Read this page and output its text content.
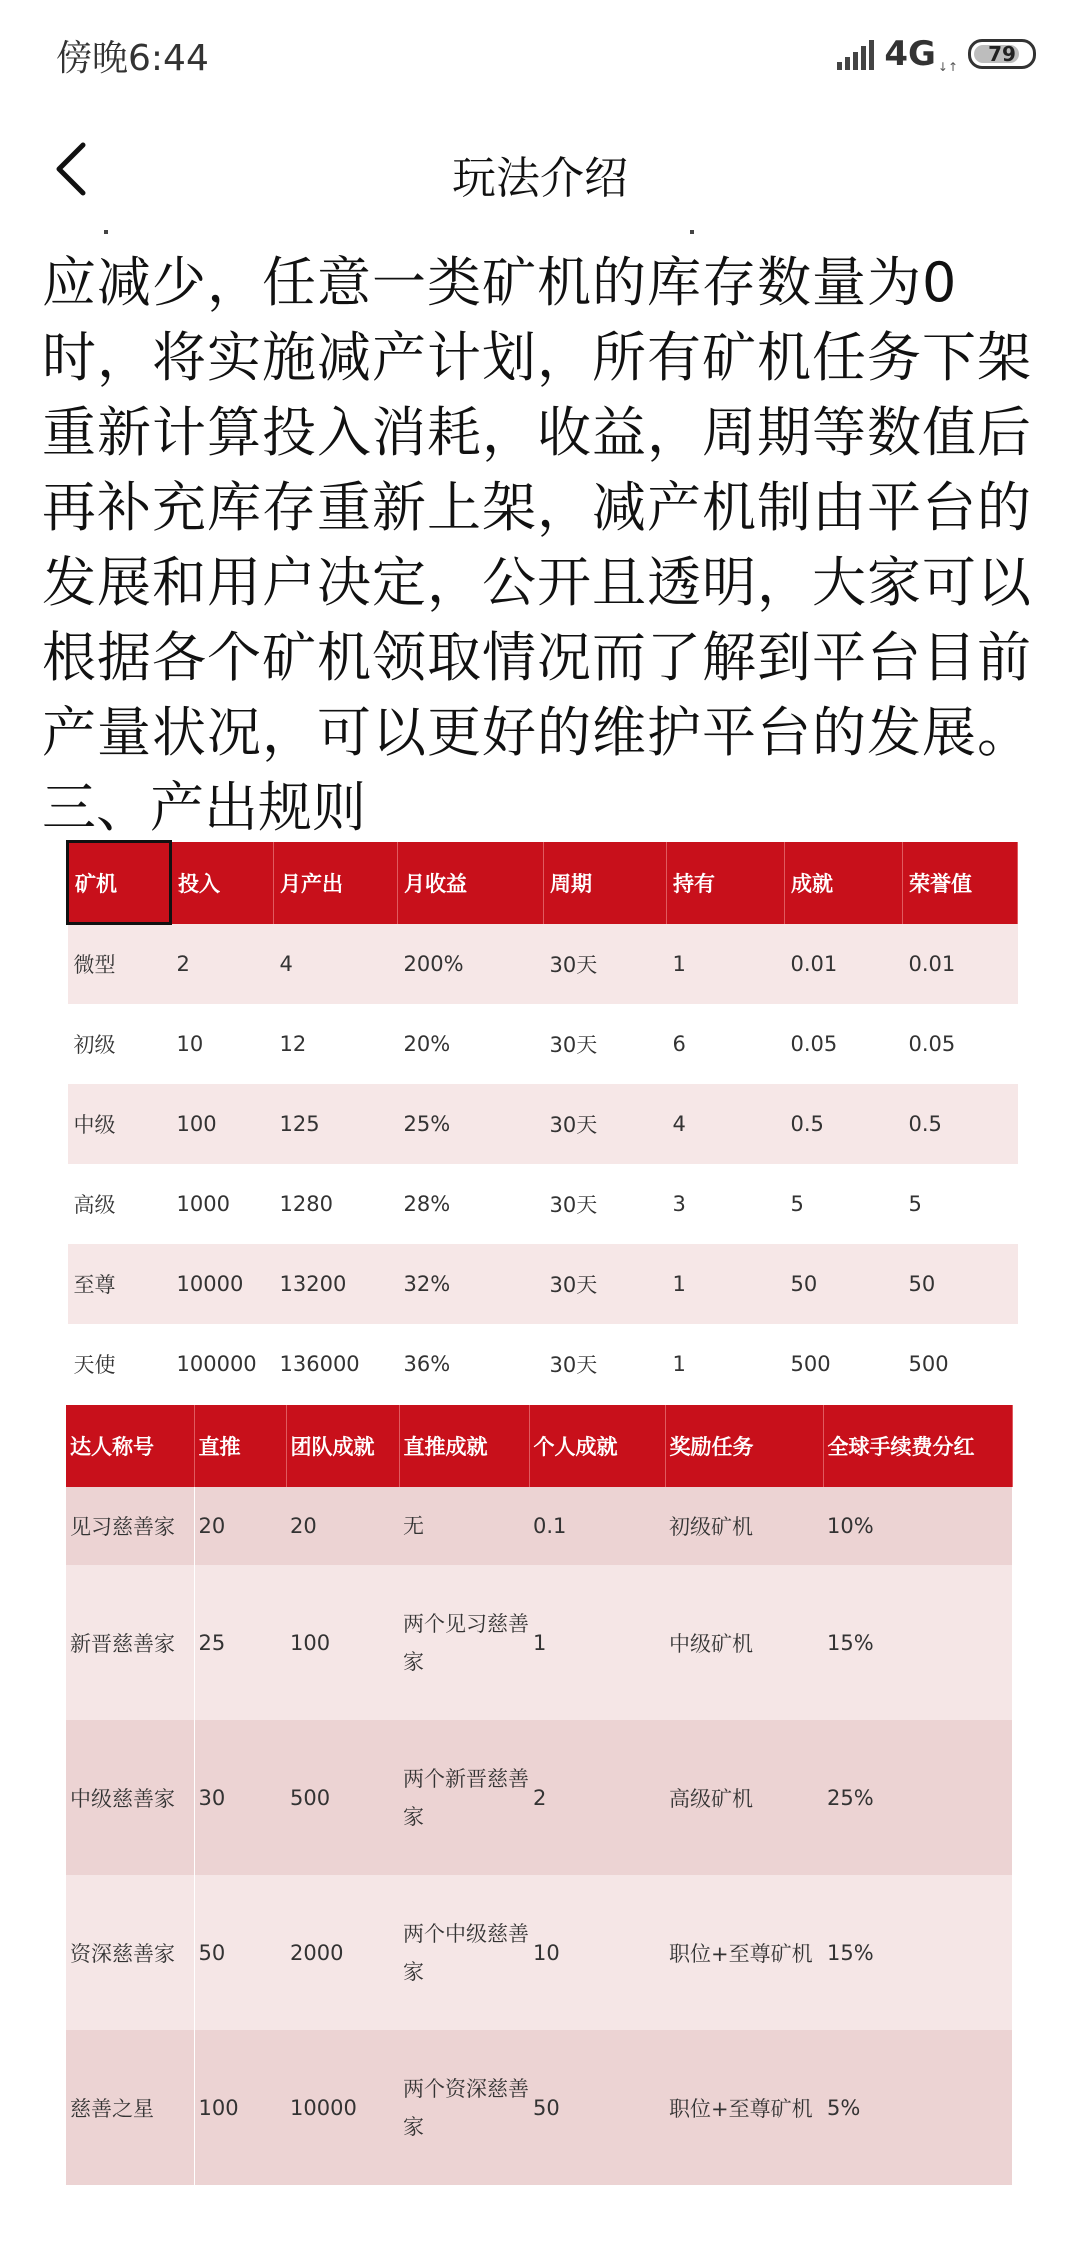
傍晚6:44	4G ↓↑
79
玩法介绍
应减少，任意一类矿机的库存数量为0 时，将实施减产计划，所有矿机任务下架重新计算投入消耗，收益，周期等数值后再补充库存重新上架，减产机制由平台的发展和用户决定，公开且透明，大家可以根据各个矿机领取情况而了解到平台目前产量状况，可以更好的维护平台的发展。
三、产出规则
矿机	投入	月产出	月收益	周期	持有	成就	荣誉值
微型	2	4	200%	30天	1	0.01	0.01
初级	10	12	20%	30天	6	0.05	0.05
中级	100	125	25%	30天	4	0.5	0.5
高级	1000	1280	28%	30天	3	5	5
至尊	10000	13200	32%	30天	1	50	50
天使	100000	136000	36%	30天	1	500	500
达人称号	直推	团队成就	直推成就	个人成就	奖励任务	全球手续费分红
见习慈善家	20	20	无	0.1	初级矿机	10%
新晋慈善家	25	100	两个见习慈善家	1	中级矿机	15%
中级慈善家	30	500	两个新晋慈善家	2	高级矿机	25%
资深慈善家	50	2000	两个中级慈善家	10	职位+至尊矿机	15%
慈善之星	100	10000	两个资深慈善家	50	职位+至尊矿机	5%
